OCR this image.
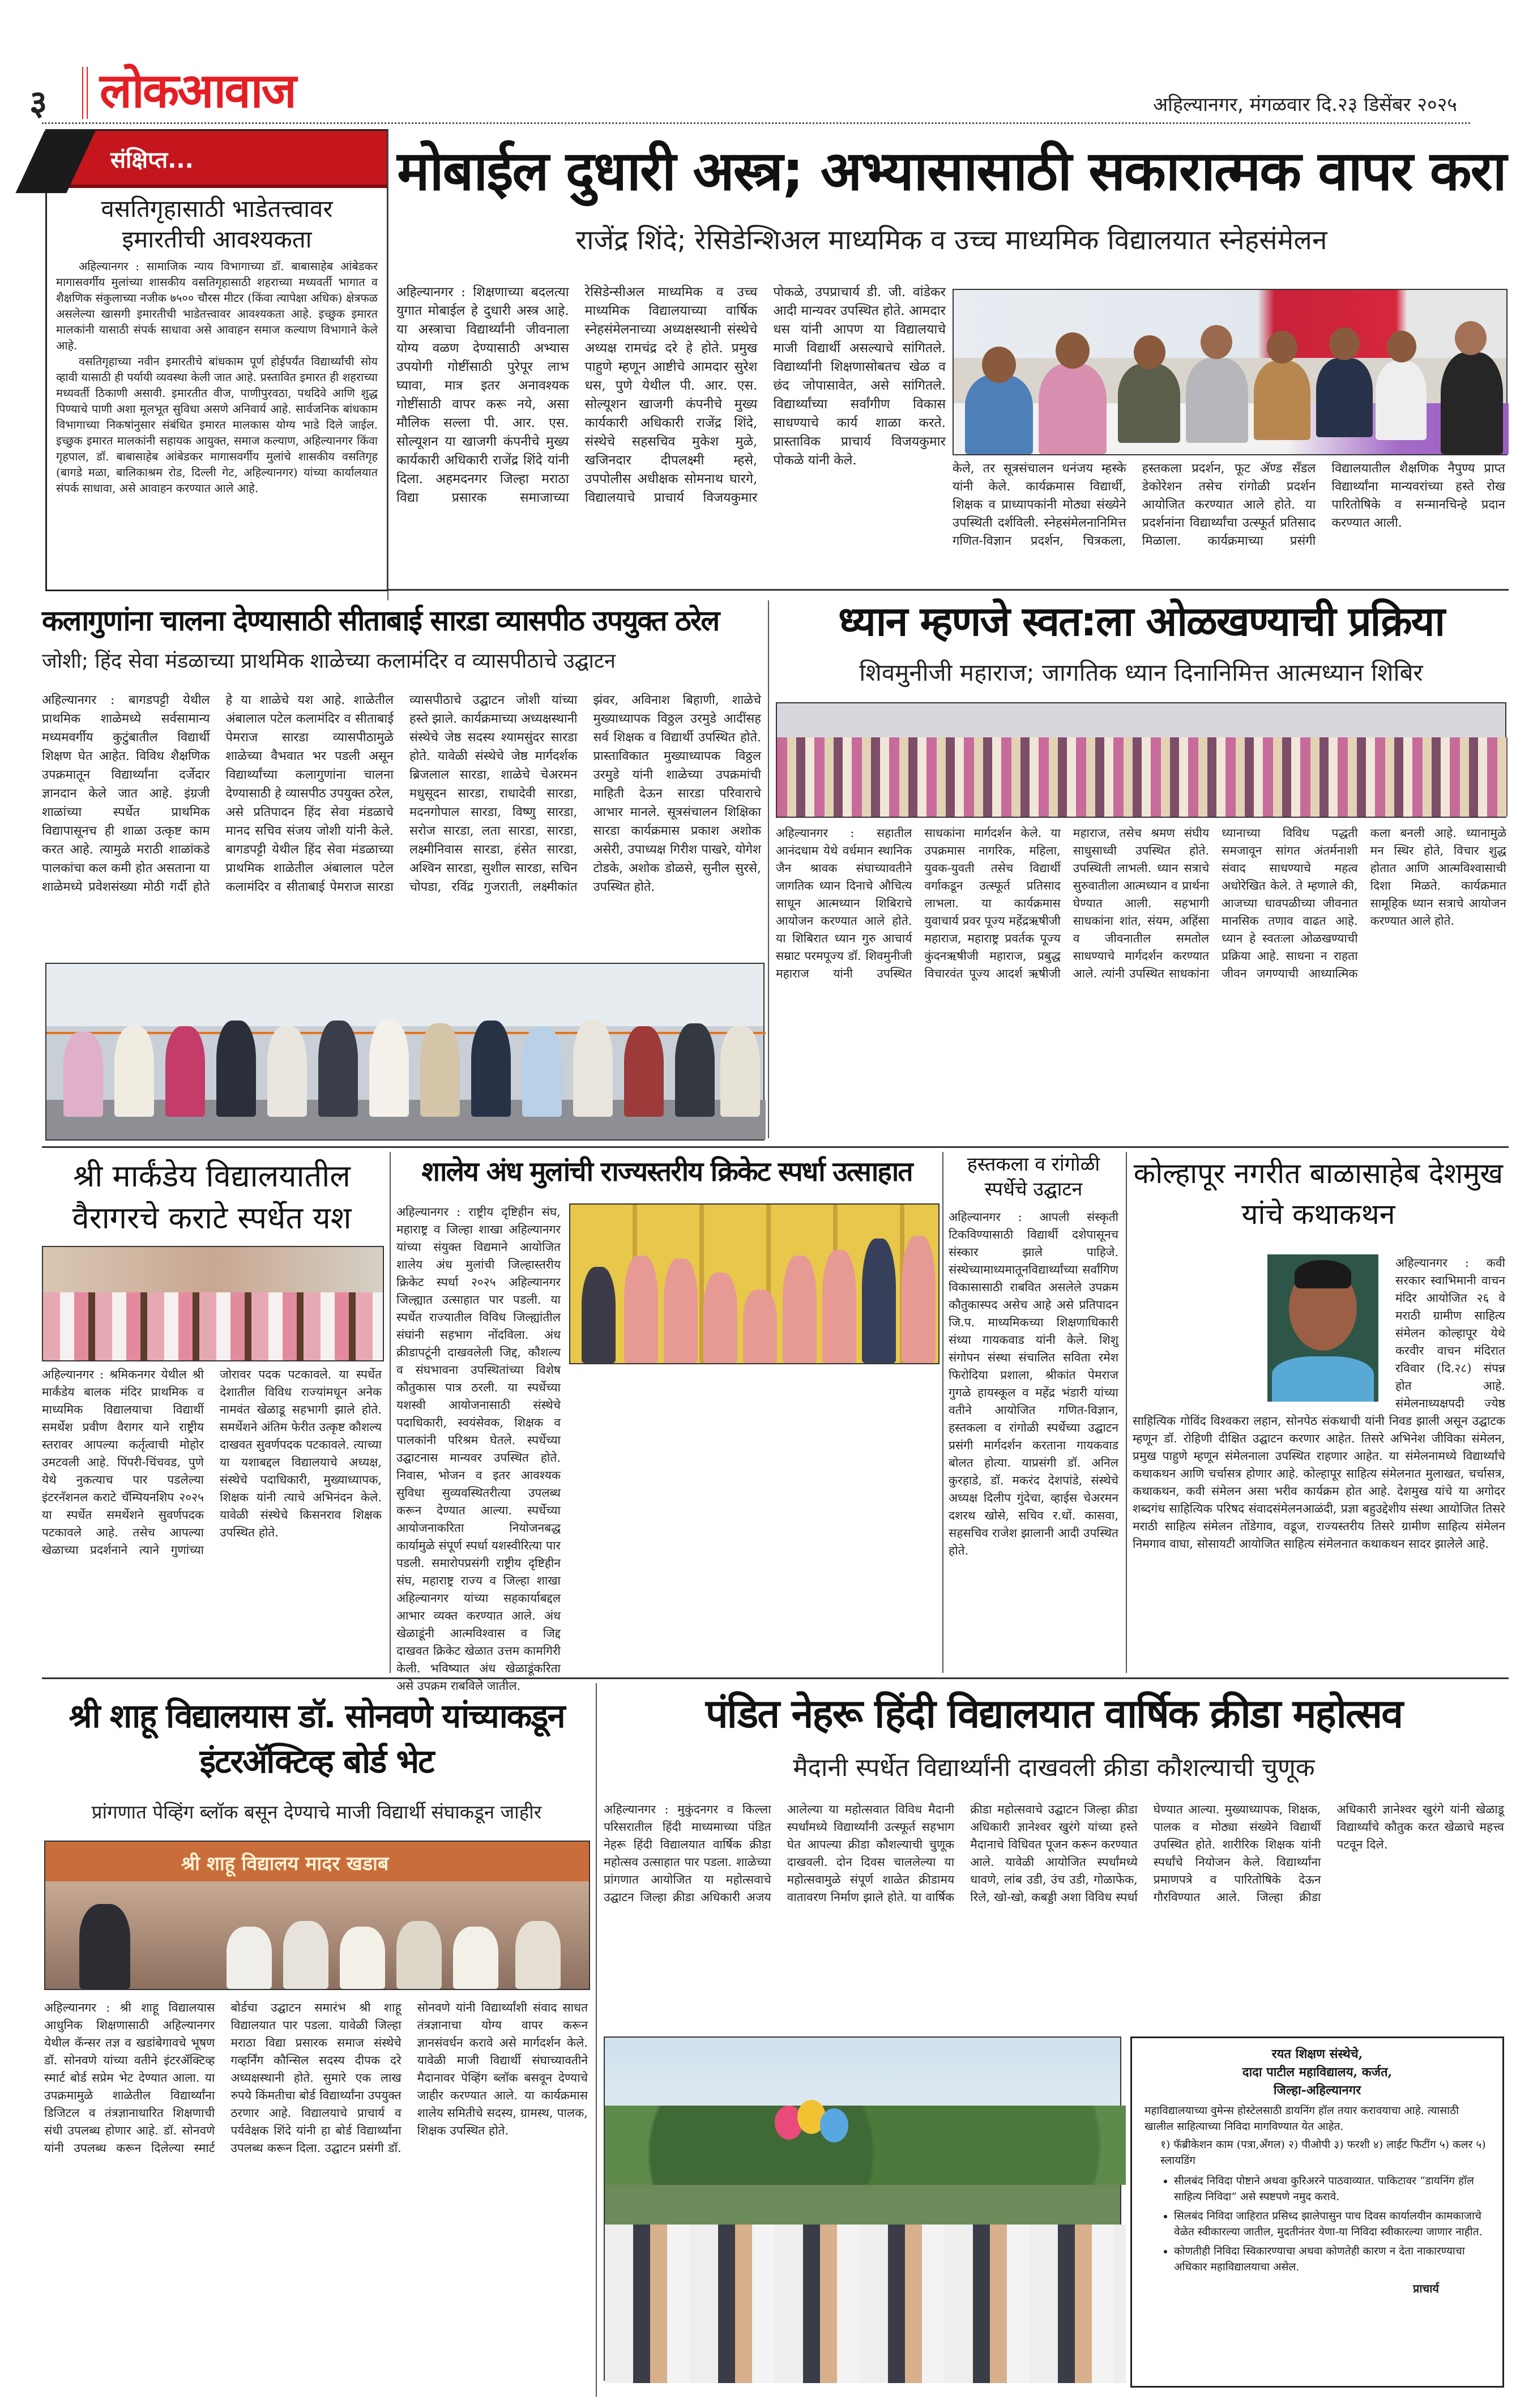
३ लोकआवाज	अहिल्यानगर, मंगळवार दि.२३ डिसेंबर २०२५
संक्षिप्त...
वसतिगृहासाठी भाडेतत्त्वावर इमारतीची आवश्यकता

अहिल्यानगर : सामाजिक न्याय विभागाच्या डॉ. बाबासाहेब आंबेडकर मागासवर्गीय मुलांच्या शासकीय वसतिगृहासाठी शहराच्या मध्यवर्ती भागात व शैक्षणिक संकुलाच्या नजीक ७५०० चौरस मीटर (किंवा त्यापेक्षा अधिक) क्षेत्रफळ असलेल्या खासगी इमारतीची भाडेतत्त्वावर आवश्यकता आहे. इच्छुक इमारत मालकांनी यासाठी संपर्क साधावा असे आवाहन समाज कल्याण विभागाने केले आहे.

वसतिगृहाच्या नवीन इमारतीचे बांधकाम पूर्ण होईपर्यंत विद्यार्थ्यांची सोय व्हावी यासाठी ही पर्यायी व्यवस्था केली जात आहे. प्रस्तावित इमारत ही शहराच्या मध्यवर्ती ठिकाणी असावी. इमारतीत वीज, पाणीपुरवठा, पथदिवे आणि शुद्ध पिण्याचे पाणी अशा मूलभूत सुविधा असणे अनिवार्य आहे. सार्वजनिक बांधकाम विभागाच्या निकषांनुसार संबंधित इमारत मालकास योग्य भाडे दिले जाईल. इच्छुक इमारत मालकांनी सहायक आयुक्त, समाज कल्याण, अहिल्यानगर किंवा गृहपाल, डॉ. बाबासाहेब आंबेडकर मागासवर्गीय मुलांचे शासकीय वसतिगृह (बागडे मळा, बालिकाश्रम रोड, दिल्ली गेट, अहिल्यानगर) यांच्या कार्यालयात संपर्क साधावा, असे आवाहन करण्यात आले आहे.

मोबाईल दुधारी अस्त्र; अभ्यासासाठी सकारात्मक वापर करा
राजेंद्र शिंदे; रेसिडेन्शिअल माध्यमिक व उच्च माध्यमिक विद्यालयात स्नेहसंमेलन
अहिल्यानगर : शिक्षणाच्या बदलत्या युगात मोबाईल हे दुधारी अस्त्र आहे. या अस्त्राचा विद्यार्थ्यांनी जीवनाला योग्य वळण देण्यासाठी अभ्यास उपयोगी गोष्टींसाठी पुरेपूर लाभ घ्यावा, मात्र इतर अनावश्यक गोष्टींसाठी वापर करू नये, असा मौलिक सल्ला पी. आर. एस. सोल्यूशन या खाजगी कंपनीचे मुख्य कार्यकारी अधिकारी राजेंद्र शिंदे यांनी दिला. अहमदनगर जिल्हा मराठा विद्या प्रसारक समाजाच्या रेसिडेन्सीअल माध्यमिक व उच्च माध्यमिक विद्यालयाच्या वार्षिक स्नेहसंमेलनाच्या अध्यक्षस्थानी संस्थेचे अध्यक्ष रामचंद्र दरे हे होते. प्रमुख पाहुणे म्हणून आष्टीचे आमदार सुरेश धस, पुणे येथील पी. आर. एस. सोल्यूशन खाजगी कंपनीचे मुख्य कार्यकारी अधिकारी राजेंद्र शिंदे, संस्थेचे सहसचिव मुकेश मुळे, खजिनदार दीपलक्ष्मी म्हसे, उपपोलीस अधीक्षक सोमनाथ घारगे, विद्यालयाचे प्राचार्य विजयकुमार पोकळे, उपप्राचार्य डी. जी. वांडेकर आदी मान्यवर उपस्थित होते. आमदार धस यांनी आपण या विद्यालयाचे माजी विद्यार्थी असल्याचे सांगितले. विद्यार्थ्यांनी शिक्षणासोबतच खेळ व छंद जोपासावेत, असे सांगितले. विद्यार्थ्यांच्या सर्वांगीण विकास साधण्याचे कार्य शाळा करते. प्रास्ताविक प्राचार्य विजयकुमार पोकळे यांनी केले.
केले, तर सूत्रसंचालन धनंजय म्हस्के यांनी केले. कार्यक्रमास विद्यार्थी, शिक्षक व प्राध्यापकांनी मोठ्या संख्येने उपस्थिती दर्शविली. स्नेहसंमेलनानिमित्त गणित-विज्ञान प्रदर्शन, चित्रकला, हस्तकला प्रदर्शन, फूट अ‍ॅण्ड सँडल डेकोरेशन तसेच रांगोळी प्रदर्शन आयोजित करण्यात आले होते. या प्रदर्शनांना विद्यार्थ्यांचा उत्स्फूर्त प्रतिसाद मिळाला. कार्यक्रमाच्या प्रसंगी विद्यालयातील शैक्षणिक नैपुण्य प्राप्त विद्यार्थ्यांना मान्यवरांच्या हस्ते रोख पारितोषिके व सन्मानचिन्हे प्रदान करण्यात आली.
कलागुणांना चालना देण्यासाठी सीताबाई सारडा व्यासपीठ उपयुक्त ठरेल
जोशी; हिंद सेवा मंडळाच्या प्राथमिक शाळेच्या कलामंदिर व व्यासपीठाचे उद्घाटन
अहिल्यानगर : बागडपट्टी येथील प्राथमिक शाळेमध्ये सर्वसामान्य मध्यमवर्गीय कुटुंबातील विद्यार्थी शिक्षण घेत आहेत. विविध शैक्षणिक उपक्रमातून विद्यार्थ्यांना दर्जेदार ज्ञानदान केले जात आहे. इंग्रजी शाळांच्या स्पर्धेत प्राथमिक विद्यापासूनच ही शाळा उत्कृष्ट काम करत आहे. त्यामुळे मराठी शाळांकडे पालकांचा कल कमी होत असताना या शाळेमध्ये प्रवेशसंख्या मोठी गर्दी होते हे या शाळेचे यश आहे. शाळेतील अंबालाल पटेल कलामंदिर व सीताबाई पेमराज सारडा व्यासपीठामुळे शाळेच्या वैभवात भर पडली असून विद्यार्थ्यांच्या कलागुणांना चालना देण्यासाठी हे व्यासपीठ उपयुक्त ठरेल, असे प्रतिपादन हिंद सेवा मंडळाचे मानद सचिव संजय जोशी यांनी केले. बागडपट्टी येथील हिंद सेवा मंडळाच्या प्राथमिक शाळेतील अंबालाल पटेल कलामंदिर व सीताबाई पेमराज सारडा व्यासपीठाचे उद्घाटन जोशी यांच्या हस्ते झाले. कार्यक्रमाच्या अध्यक्षस्थानी संस्थेचे जेष्ठ सदस्य श्यामसुंदर सारडा होते. यावेळी संस्थेचे जेष्ठ मार्गदर्शक ब्रिजलाल सारडा, शाळेचे चेअरमन मधुसूदन सारडा, राधादेवी सारडा, मदनगोपाल सारडा, विष्णु सारडा, सरोज सारडा, लता सारडा, सारडा, लक्ष्मीनिवास सारडा, हंसेत सारडा, अश्विन सारडा, सुशील सारडा, सचिन चोपडा, रविंद्र गुजराती, लक्ष्मीकांत झंवर, अविनाश बिहाणी, शाळेचे मुख्याध्यापक विठ्ठल उरमुडे आदींसह सर्व शिक्षक व विद्यार्थी उपस्थित होते. प्रास्ताविकात मुख्याध्यापक विठ्ठल उरमुडे यांनी शाळेच्या उपक्रमांची माहिती देऊन सारडा परिवाराचे आभार मानले. सूत्रसंचालन शिक्षिका सारडा कार्यक्रमास प्रकाश अशोक असेरी, उपाध्यक्ष गिरीश पाखरे, योगेश टोडके, अशोक डोळसे, सुनील सुरसे, उपस्थित होते.
ध्यान म्हणजे स्वत:ला ओळखण्याची प्रक्रिया
शिवमुनीजी महाराज; जागतिक ध्यान दिनानिमित्त आत्मध्यान शिबिर
अहिल्यानगर : सहातील आनंदधाम येथे वर्धमान स्थानिक जैन श्रावक संघाच्यावतीने जागतिक ध्यान दिनाचे औचित्य साधून आत्मध्यान शिबिराचे आयोजन करण्यात आले होते. या शिबिरात ध्यान गुरु आचार्य सम्राट परमपूज्य डॉ. शिवमुनीजी महाराज यांनी उपस्थित साधकांना मार्गदर्शन केले. या उपक्रमास नागरिक, महिला, युवक-युवती तसेच विद्यार्थी वर्गाकडून उत्स्फूर्त प्रतिसाद लाभला. या कार्यक्रमास युवाचार्य प्रवर पूज्य महेंद्रऋषीजी महाराज, महाराष्ट्र प्रवर्तक पूज्य कुंदनऋषीजी महाराज, प्रबुद्ध विचारवंत पूज्य आदर्श ऋषीजी महाराज, तसेच श्रमण संघीय साधुसाध्वी उपस्थित होते. उपस्थिती लाभली. ध्यान सत्राचे सुरुवातीला आत्मध्यान व प्रार्थना घेण्यात आली. सहभागी साधकांना शांत, संयम, अहिंसा व जीवनातील समतोल साधण्याचे मार्गदर्शन करण्यात आले. त्यांनी उपस्थित साधकांना ध्यानाच्या विविध पद्धती समजावून सांगत अंतर्मनाशी संवाद साधण्याचे महत्व अधोरेखित केले. ते म्हणाले की, आजच्या धावपळीच्या जीवनात मानसिक तणाव वाढत आहे. ध्यान हे स्वतःला ओळखण्याची प्रक्रिया आहे. साधना न राहता जीवन जगण्याची आध्यात्मिक कला बनली आहे. ध्यानामुळे मन स्थिर होते, विचार शुद्ध होतात आणि आत्मविश्वासाची दिशा मिळते. कार्यक्रमात सामूहिक ध्यान सत्राचे आयोजन करण्यात आले होते.
श्री मार्कंडेय विद्यालयातील वैरागरचे कराटे स्पर्धेत यश
अहिल्यानगर : श्रमिकनगर येथील श्री मार्कंडेय बालक मंदिर प्राथमिक व माध्यमिक विद्यालयाचा विद्यार्थी समर्थेश प्रवीण वैरागर याने राष्ट्रीय स्तरावर आपल्या कर्तृत्वाची मोहोर उमटवली आहे. पिंपरी-चिंचवड, पुणे येथे नुकत्याच पार पडलेल्या इंटरनॅशनल कराटे चॅम्पियनशिप २०२५ या स्पर्धेत समर्थेशने सुवर्णपदक पटकावले आहे. तसेच आपल्या खेळाच्या प्रदर्शनाने त्याने गुणांच्या जोरावर पदक पटकावले. या स्पर्धेत देशातील विविध राज्यांमधून अनेक नामवंत खेळाडू सहभागी झाले होते. समर्थेशने अंतिम फेरीत उत्कृष्ट कौशल्य दाखवत सुवर्णपदक पटकावले. त्याच्या या यशाबद्दल विद्यालयाचे अध्यक्ष, संस्थेचे पदाधिकारी, मुख्याध्यापक, शिक्षक यांनी त्याचे अभिनंदन केले. यावेळी संस्थेचे किसनराव शिक्षक उपस्थित होते.
शालेय अंध मुलांची राज्यस्तरीय क्रिकेट स्पर्धा उत्साहात
अहिल्यानगर : राष्ट्रीय दृष्टिहीन संघ, महाराष्ट्र व जिल्हा शाखा अहिल्यानगर यांच्या संयुक्त विद्यमाने आयोजित शालेय अंध मुलांची जिल्हास्तरीय क्रिकेट स्पर्धा २०२५ अहिल्यानगर जिल्ह्यात उत्साहात पार पडली. या स्पर्धेत राज्यातील विविध जिल्ह्यांतील संघांनी सहभाग नोंदविला. अंध क्रीडापटूंनी दाखवलेली जिद्द, कौशल्य व संघभावना उपस्थितांच्या विशेष कौतुकास पात्र ठरली. या स्पर्धेच्या यशस्वी आयोजनासाठी संस्थेचे पदाधिकारी, स्वयंसेवक, शिक्षक व पालकांनी परिश्रम घेतले. स्पर्धेच्या उद्घाटनास मान्यवर उपस्थित होते. निवास, भोजन व इतर आवश्यक सुविधा सुव्यवस्थितरीत्या उपलब्ध करून देण्यात आल्या. स्पर्धेच्या आयोजनाकरिता नियोजनबद्ध कार्यामुळे संपूर्ण स्पर्धा यशस्वीरित्या पार पडली. समारोपप्रसंगी राष्ट्रीय दृष्टिहीन संघ, महाराष्ट्र राज्य व जिल्हा शाखा अहिल्यानगर यांच्या सहकार्याबद्दल आभार व्यक्त करण्यात आले. अंध खेळाडूंनी आत्मविश्वास व जिद्द दाखवत क्रिकेट खेळात उत्तम कामगिरी केली. भविष्यात अंध खेळाडूंकरिता असे उपक्रम राबविले जातील.
हस्तकला व रांगोळी स्पर्धेचे उद्घाटन
अहिल्यानगर : आपली संस्कृती टिकविण्यासाठी विद्यार्थी दशेपासूनच संस्कार झाले पाहिजे. संस्थेच्यामाध्यमातूनविद्यार्थ्यांच्या सर्वांगिण विकासासाठी राबवित असलेले उपक्रम कौतुकास्पद असेच आहे असे प्रतिपादन जि.प. माध्यमिकच्या शिक्षणाधिकारी संध्या गायकवाड यांनी केले. शिशु संगोपन संस्था संचालित सविता रमेश फिरोदिया प्रशाला, श्रीकांत पेमराज गुगळे हायस्कूल व महेंद्र भंडारी यांच्या वतीने आयोजित गणित-विज्ञान, हस्तकला व रांगोळी स्पर्धेच्या उद्घाटन प्रसंगी मार्गदर्शन करताना गायकवाड बोलत होत्या. याप्रसंगी डॉ. अनिल कुरहाडे, डॉ. मकरंद देशपांडे, संस्थेचे अध्यक्ष दिलीप गुंदेचा, व्हाईस चेअरमन दशरथ खोसे, सचिव र.धों. कासवा, सहसचिव राजेश झालानी आदी उपस्थित होते.
कोल्हापूर नगरीत बाळासाहेब देशमुख यांचे कथाकथन
अहिल्यानगर : कवी सरकार स्वाभिमानी वाचन मंदिर आयोजित २६ वे मराठी ग्रामीण साहित्य संमेलन कोल्हापूर येथे करवीर वाचन मंदिरात रविवार (दि.२८) संपन्न होत आहे. संमेलनाध्यक्षपदी ज्येष्ठ साहित्यिक गोविंद विश्वकरा लहान, सोनपेठ संकथाची यांनी निवड झाली असून उद्घाटक म्हणून डॉ. रोहिणी दीक्षित उद्घाटन करणार आहेत. तिसरे अभिनेश जीविका संमेलन, प्रमुख पाहुणे म्हणून संमेलनाला उपस्थित राहणार आहेत. या संमेलनामध्ये विद्यार्थ्यांचे कथाकथन आणि चर्चासत्र होणार आहे. कोल्हापूर साहित्य संमेलनात मुलाखत, चर्चासत्र, कथाकथन, कवी संमेलन असा भरीव कार्यक्रम होत आहे. देशमुख यांचे या अगोदर शब्दगंध साहित्यिक परिषद संवादसंमेलनआळंदी, प्रज्ञा बहुउद्देशीय संस्था आयोजित तिसरे मराठी साहित्य संमेलन तोंडेगाव, वडूज, राज्यस्तरीय तिसरे ग्रामीण साहित्य संमेलन निमगाव वाघा, सोसायटी आयोजित साहित्य संमेलनात कथाकथन सादर झालेले आहे.
श्री शाहू विद्यालयास डॉ. सोनवणे यांच्याकडून इंटरॲक्टिव्ह बोर्ड भेट
प्रांगणात पेव्हिंग ब्लॉक बसून देण्याचे माजी विद्यार्थी संघाकडून जाहीर
श्री शाहू विद्यालय मादर खडाब
अहिल्यानगर : श्री शाहू विद्यालयास आधुनिक शिक्षणासाठी अहिल्यानगर येथील कॅन्सर तज्ञ व खडांबेगावचे भूषण डॉ. सोनवणे यांच्या वतीने इंटरॲक्टिव्ह स्मार्ट बोर्ड सप्रेम भेट देण्यात आला. या उपक्रमामुळे शाळेतील विद्यार्थ्यांना डिजिटल व तंत्रज्ञानाधारित शिक्षणाची संधी उपलब्ध होणार आहे. डॉ. सोनवणे यांनी उपलब्ध करून दिलेल्या स्मार्ट बोर्डचा उद्घाटन समारंभ श्री शाहू विद्यालयात पार पडला. यावेळी जिल्हा मराठा विद्या प्रसारक समाज संस्थेचे गव्हर्निंग कौन्सिल सदस्य दीपक दरे अध्यक्षस्थानी होते. सुमारे एक लाख रुपये किंमतीचा बोर्ड विद्यार्थ्यांना उपयुक्त ठरणार आहे. विद्यालयाचे प्राचार्य व पर्यवेक्षक शिंदे यांनी हा बोर्ड विद्यार्थ्यांना उपलब्ध करून दिला. उद्घाटन प्रसंगी डॉ. सोनवणे यांनी विद्यार्थ्यांशी संवाद साधत तंत्रज्ञानाचा योग्य वापर करून ज्ञानसंवर्धन करावे असे मार्गदर्शन केले. यावेळी माजी विद्यार्थी संघाच्यावतीने मैदानावर पेव्हिंग ब्लॉक बसवून देण्याचे जाहीर करण्यात आले. या कार्यक्रमास शालेय समितीचे सदस्य, ग्रामस्थ, पालक, शिक्षक उपस्थित होते.
पंडित नेहरू हिंदी विद्यालयात वार्षिक क्रीडा महोत्सव
मैदानी स्पर्धेत विद्यार्थ्यांनी दाखवली क्रीडा कौशल्याची चुणूक
अहिल्यानगर : मुकुंदनगर व किल्ला परिसरातील हिंदी माध्यमाच्या पंडित नेहरू हिंदी विद्यालयात वार्षिक क्रीडा महोत्सव उत्साहात पार पडला. शाळेच्या प्रांगणात आयोजित या महोत्सवाचे उद्घाटन जिल्हा क्रीडा अधिकारी अजय आलेल्या या महोत्सवात विविध मैदानी स्पर्धांमध्ये विद्यार्थ्यांनी उत्स्फूर्त सहभाग घेत आपल्या क्रीडा कौशल्याची चुणूक दाखवली. दोन दिवस चाललेल्या या महोत्सवामुळे संपूर्ण शाळेत क्रीडामय वातावरण निर्माण झाले होते. या वार्षिक क्रीडा महोत्सवाचे उद्घाटन जिल्हा क्रीडा अधिकारी ज्ञानेश्वर खुरंगे यांच्या हस्ते मैदानाचे विधिवत पूजन करून करण्यात आले. यावेळी आयोजित स्पर्धांमध्ये धावणे, लांब उडी, उंच उडी, गोळाफेक, रिले, खो-खो, कबड्डी अशा विविध स्पर्धा घेण्यात आल्या. मुख्याध्यापक, शिक्षक, पालक व मोठ्या संख्येने विद्यार्थी उपस्थित होते. शारीरिक शिक्षक यांनी स्पर्धांचे नियोजन केले. विद्यार्थ्यांना प्रमाणपत्रे व पारितोषिके देऊन गौरविण्यात आले. जिल्हा क्रीडा अधिकारी ज्ञानेश्वर खुरंगे यांनी खेळाडू विद्यार्थ्यांचे कौतुक करत खेळाचे महत्त्व पटवून दिले.
रयत शिक्षण संस्थेचे,
दादा पाटील महाविद्यालय, कर्जत,
जिल्हा-अहिल्यानगर
महाविद्यालयाच्या वुमेन्स होस्टेलसाठी डायनिंग हॉल तयार करावयाचा आहे. त्यासाठी खालील साहित्याच्या निविदा मागविण्यात येत आहेत.
१) फॅब्रीकेशन काम (पत्रा,अँगल) २) पीओपी ३) फरशी ४) लाईट फिटींग ५) कलर ५) स्लायडिंग
• सीलबंद निविदा पोष्टाने अथवा कुरिअरने पाठवाव्यात. पाकिटावर “डायनिंग हॉल साहित्य निविदा” असे स्पष्टपणे नमुद करावे.
• सिलबंद निविदा जाहिरात प्रसिध्द झालेपासुन पाच दिवस कार्यालयीन कामकाजाचे वेळेत स्वीकारल्या जातील, मुदतीनंतर येणा-या निविदा स्वीकारल्या जाणार नाहीत.
• कोणतीही निविदा स्विकारण्याचा अथवा कोणतेही कारण न देता नाकारण्याचा अधिकार महाविद्यालयाचा असेल.
प्राचार्य
